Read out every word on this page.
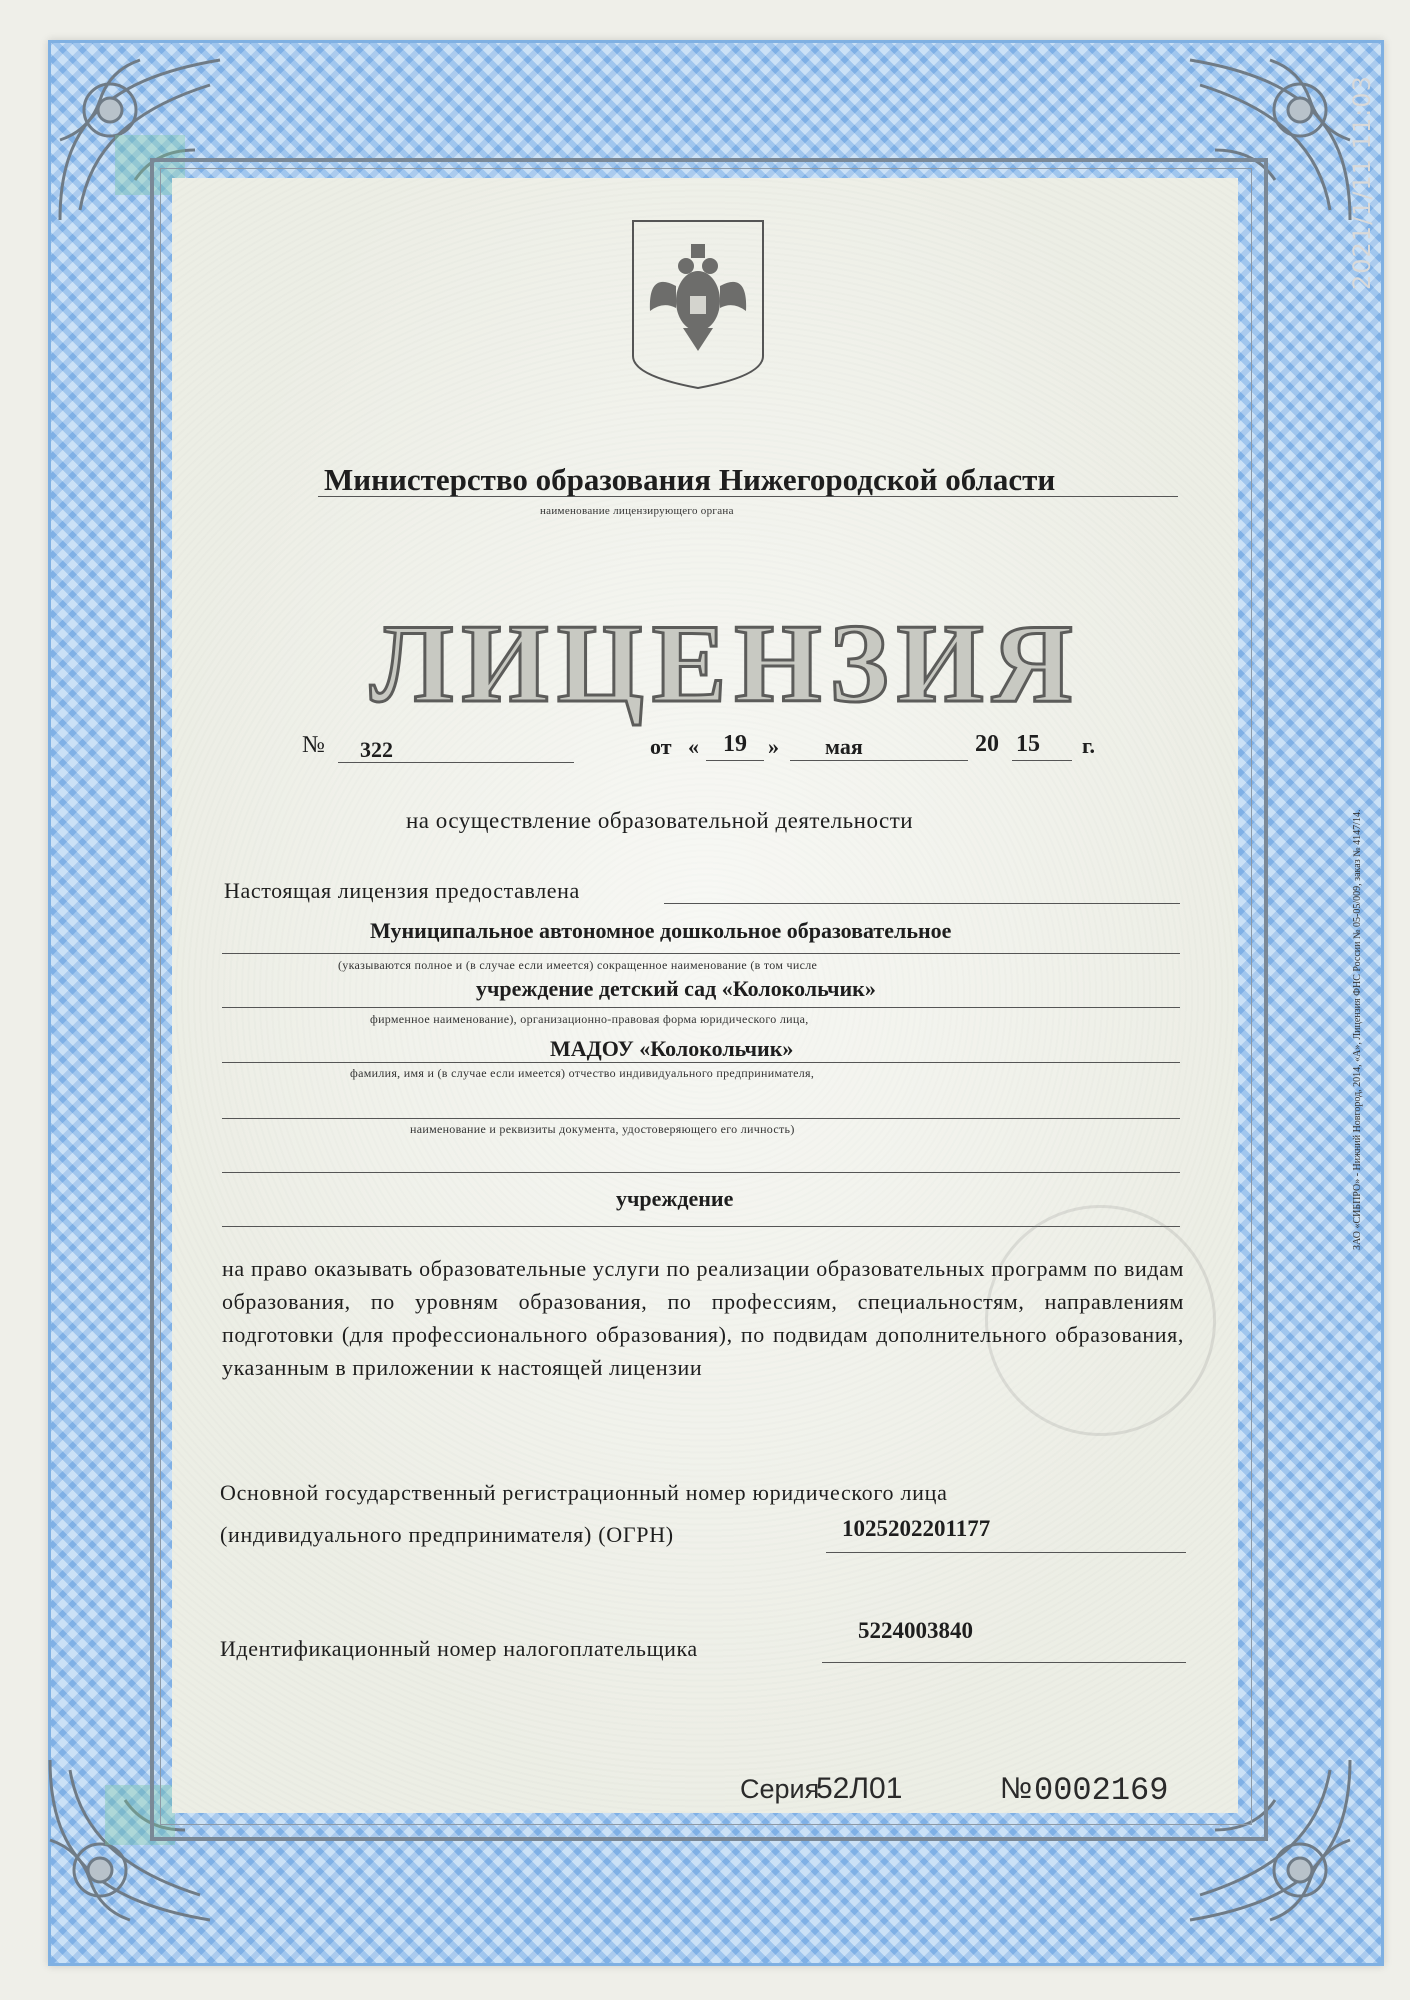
Министерство образования Нижегородской области
наименование лицензирующего органа
ЛИЦЕНЗИЯ
№ 322	от « 19 » мая	20 15 г.
на осуществление образовательной деятельности
Настоящая лицензия предоставлена
Муниципальное автономное дошкольное образовательное
(указываются полное и (в случае если имеется) сокращенное наименование (в том числе
учреждение детский сад «Колокольчик»
фирменное наименование), организационно-правовая форма юридического лица,
МАДОУ «Колокольчик»
фамилия, имя и (в случае если имеется) отчество индивидуального предпринимателя,
наименование и реквизиты документа, удостоверяющего его личность)
учреждение
на право оказывать образовательные услуги по реализации образовательных программ по видам образования, по уровням образования, по профессиям, специальностям, направлениям подготовки (для профессионального образования), по подвидам дополнительного образования, указанным в приложении к настоящей лицензии
Основной государственный регистрационный номер юридического лица
(индивидуального предпринимателя) (ОГРН)	1025202201177
5224003840
Идентификационный номер налогоплательщика
Серия
52Л01	№ 0002169
ЗАО «СИБПРО» - Нижний Новгород, 2014, «А», Лицензия ФНС России № 05-05/009, заказ № 4147/14.
2021/1/11 11:03
